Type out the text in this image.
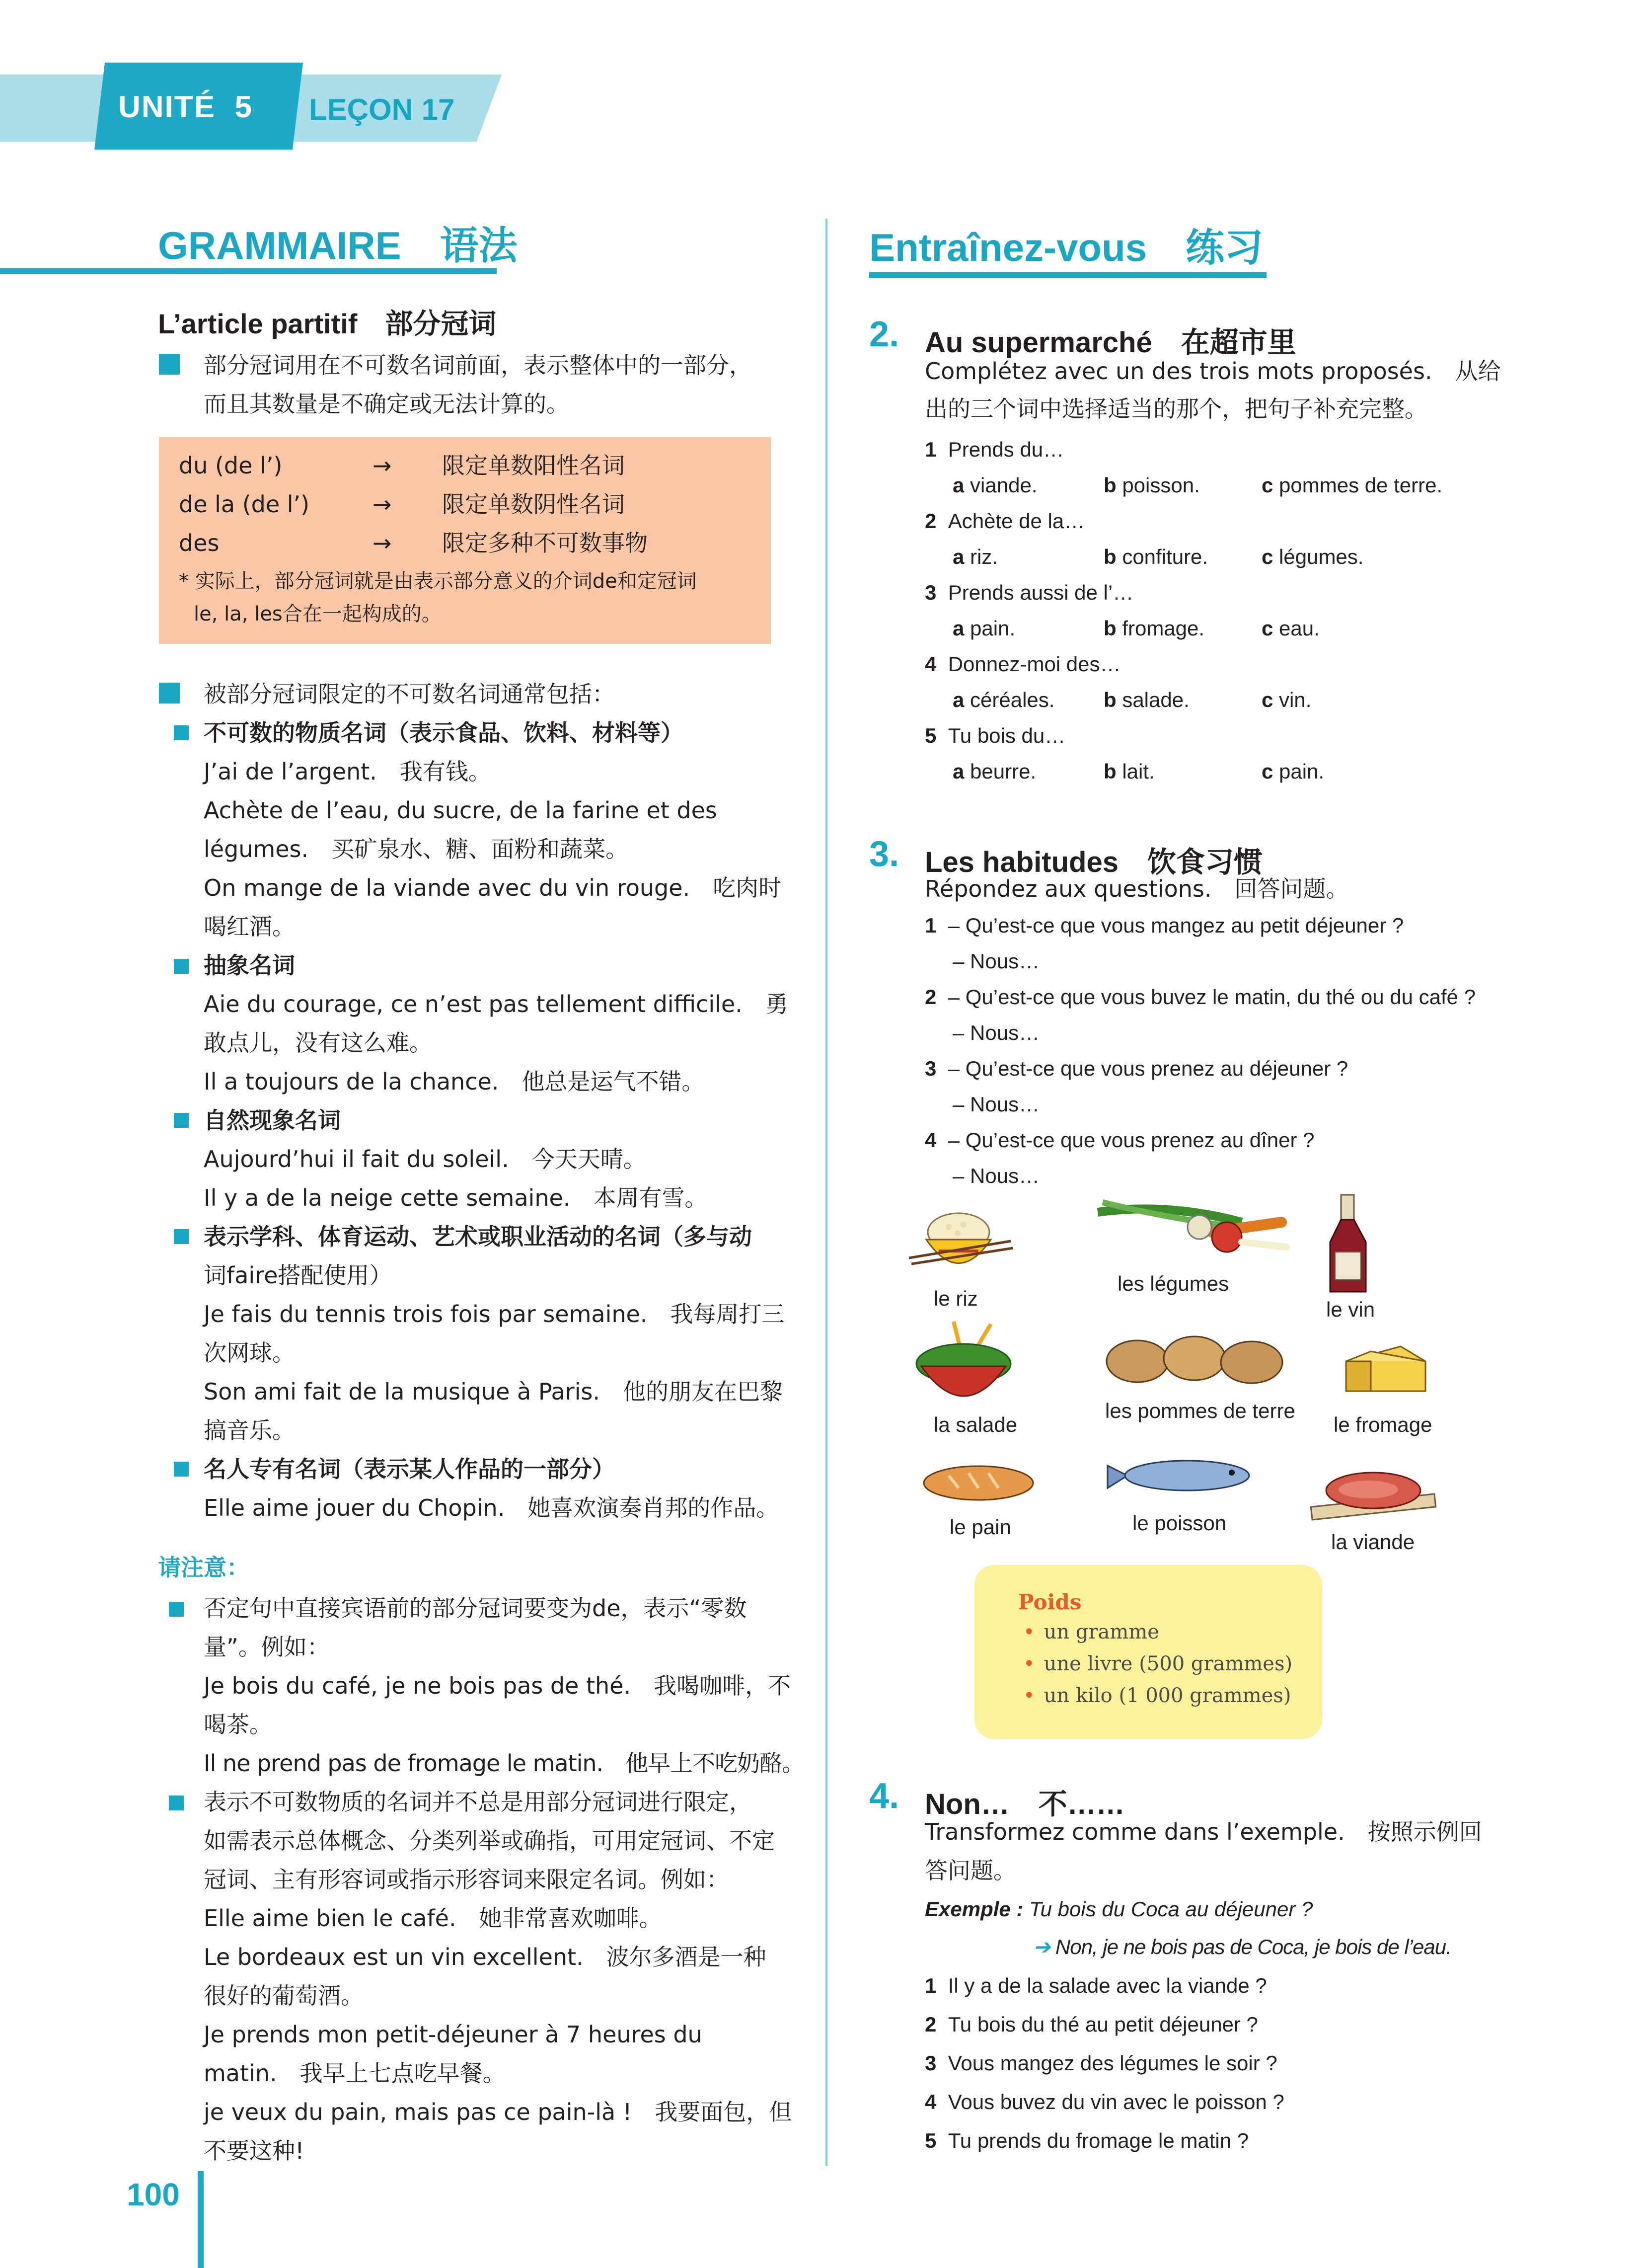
UNITÉ 5 LEÇON 17
GRAMMAIRE　语法
L’article partitif　部分冠词
部分冠词用在不可数名词前面，表示整体中的一部分，
而且其数量是不确定或无法计算的。
du (de l’)	→ 限定单数阳性名词
de la (de l’)	→ 限定单数阴性名词
des	→ 限定多种不可数事物
* 实际上，部分冠词就是由表示部分意义的介词de和定冠词
le, la, les合在一起构成的。
被部分冠词限定的不可数名词通常包括：
不可数的物质名词（表示食品、饮料、材料等）
J’ai de l’argent.　我有钱。
Achète de l’eau, du sucre, de la farine et des
légumes.　买矿泉水、糖、面粉和蔬菜。
On mange de la viande avec du vin rouge.　吃肉时
喝红酒。
抽象名词
Aie du courage, ce n’est pas tellement difficile.　勇
敢点儿，没有这么难。
Il a toujours de la chance.　他总是运气不错。
自然现象名词
Aujourd’hui il fait du soleil.　今天天晴。
Il y a de la neige cette semaine.　本周有雪。
表示学科、体育运动、艺术或职业活动的名词（多与动
词faire搭配使用）
Je fais du tennis trois fois par semaine.　我每周打三
次网球。
Son ami fait de la musique à Paris.　他的朋友在巴黎
搞音乐。
名人专有名词（表示某人作品的一部分）
Elle aime jouer du Chopin.　她喜欢演奏肖邦的作品。
请注意：
否定句中直接宾语前的部分冠词要变为de，表示“零数
量”。例如：
Je bois du café, je ne bois pas de thé.　我喝咖啡，不
喝茶。
Il ne prend pas de fromage le matin.　他早上不吃奶酪。
表示不可数物质的名词并不总是用部分冠词进行限定，
如需表示总体概念、分类列举或确指，可用定冠词、不定
冠词、主有形容词或指示形容词来限定名词。例如：
Elle aime bien le café.　她非常喜欢咖啡。
Le bordeaux est un vin excellent.　波尔多酒是一种
很好的葡萄酒。
Je prends mon petit-déjeuner à 7 heures du
matin.　我早上七点吃早餐。
je veux du pain, mais pas ce pain-là !　我要面包，但
不要这种!
Entraînez-vous　练习
2. Au supermarché　在超市里
Complétez avec un des trois mots proposés.　从给
出的三个词中选择适当的那个，把句子补充完整。
1 Prends du…
a viande.	b poisson.	c pommes de terre.
2 Achète de la…
a riz.	b confiture.	c légumes.
3 Prends aussi de l’…
a pain.	b fromage.	c eau.
4 Donnez-moi des…
a céréales. b salade.	c vin.
5 Tu bois du…
a beurre.	b lait.	c pain.
3. Les habitudes　饮食习惯
Répondez aux questions.　回答问题。
1 – Qu’est-ce que vous mangez au petit déjeuner ?
– Nous…
2 – Qu’est-ce que vous buvez le matin, du thé ou du café ?
– Nous…
3 – Qu’est-ce que vous prenez au déjeuner ?
– Nous…
4 – Qu’est-ce que vous prenez au dîner ?
– Nous…
le riz
les légumes
le vin
la salade
les pommes de terre
le fromage
le pain	le poisson
la viande
Poids
• un gramme
• une livre (500 grammes)
• un kilo (1 000 grammes)
4. Non…　不……
Transformez comme dans l’exemple.　按照示例回
答问题。
Exemple : Tu bois du Coca au déjeuner ?
➔ Non, je ne bois pas de Coca, je bois de l’eau.
1 Il y a de la salade avec la viande ?
2 Tu bois du thé au petit déjeuner ?
3 Vous mangez des légumes le soir ?
4 Vous buvez du vin avec le poisson ?
5 Tu prends du fromage le matin ?
100
